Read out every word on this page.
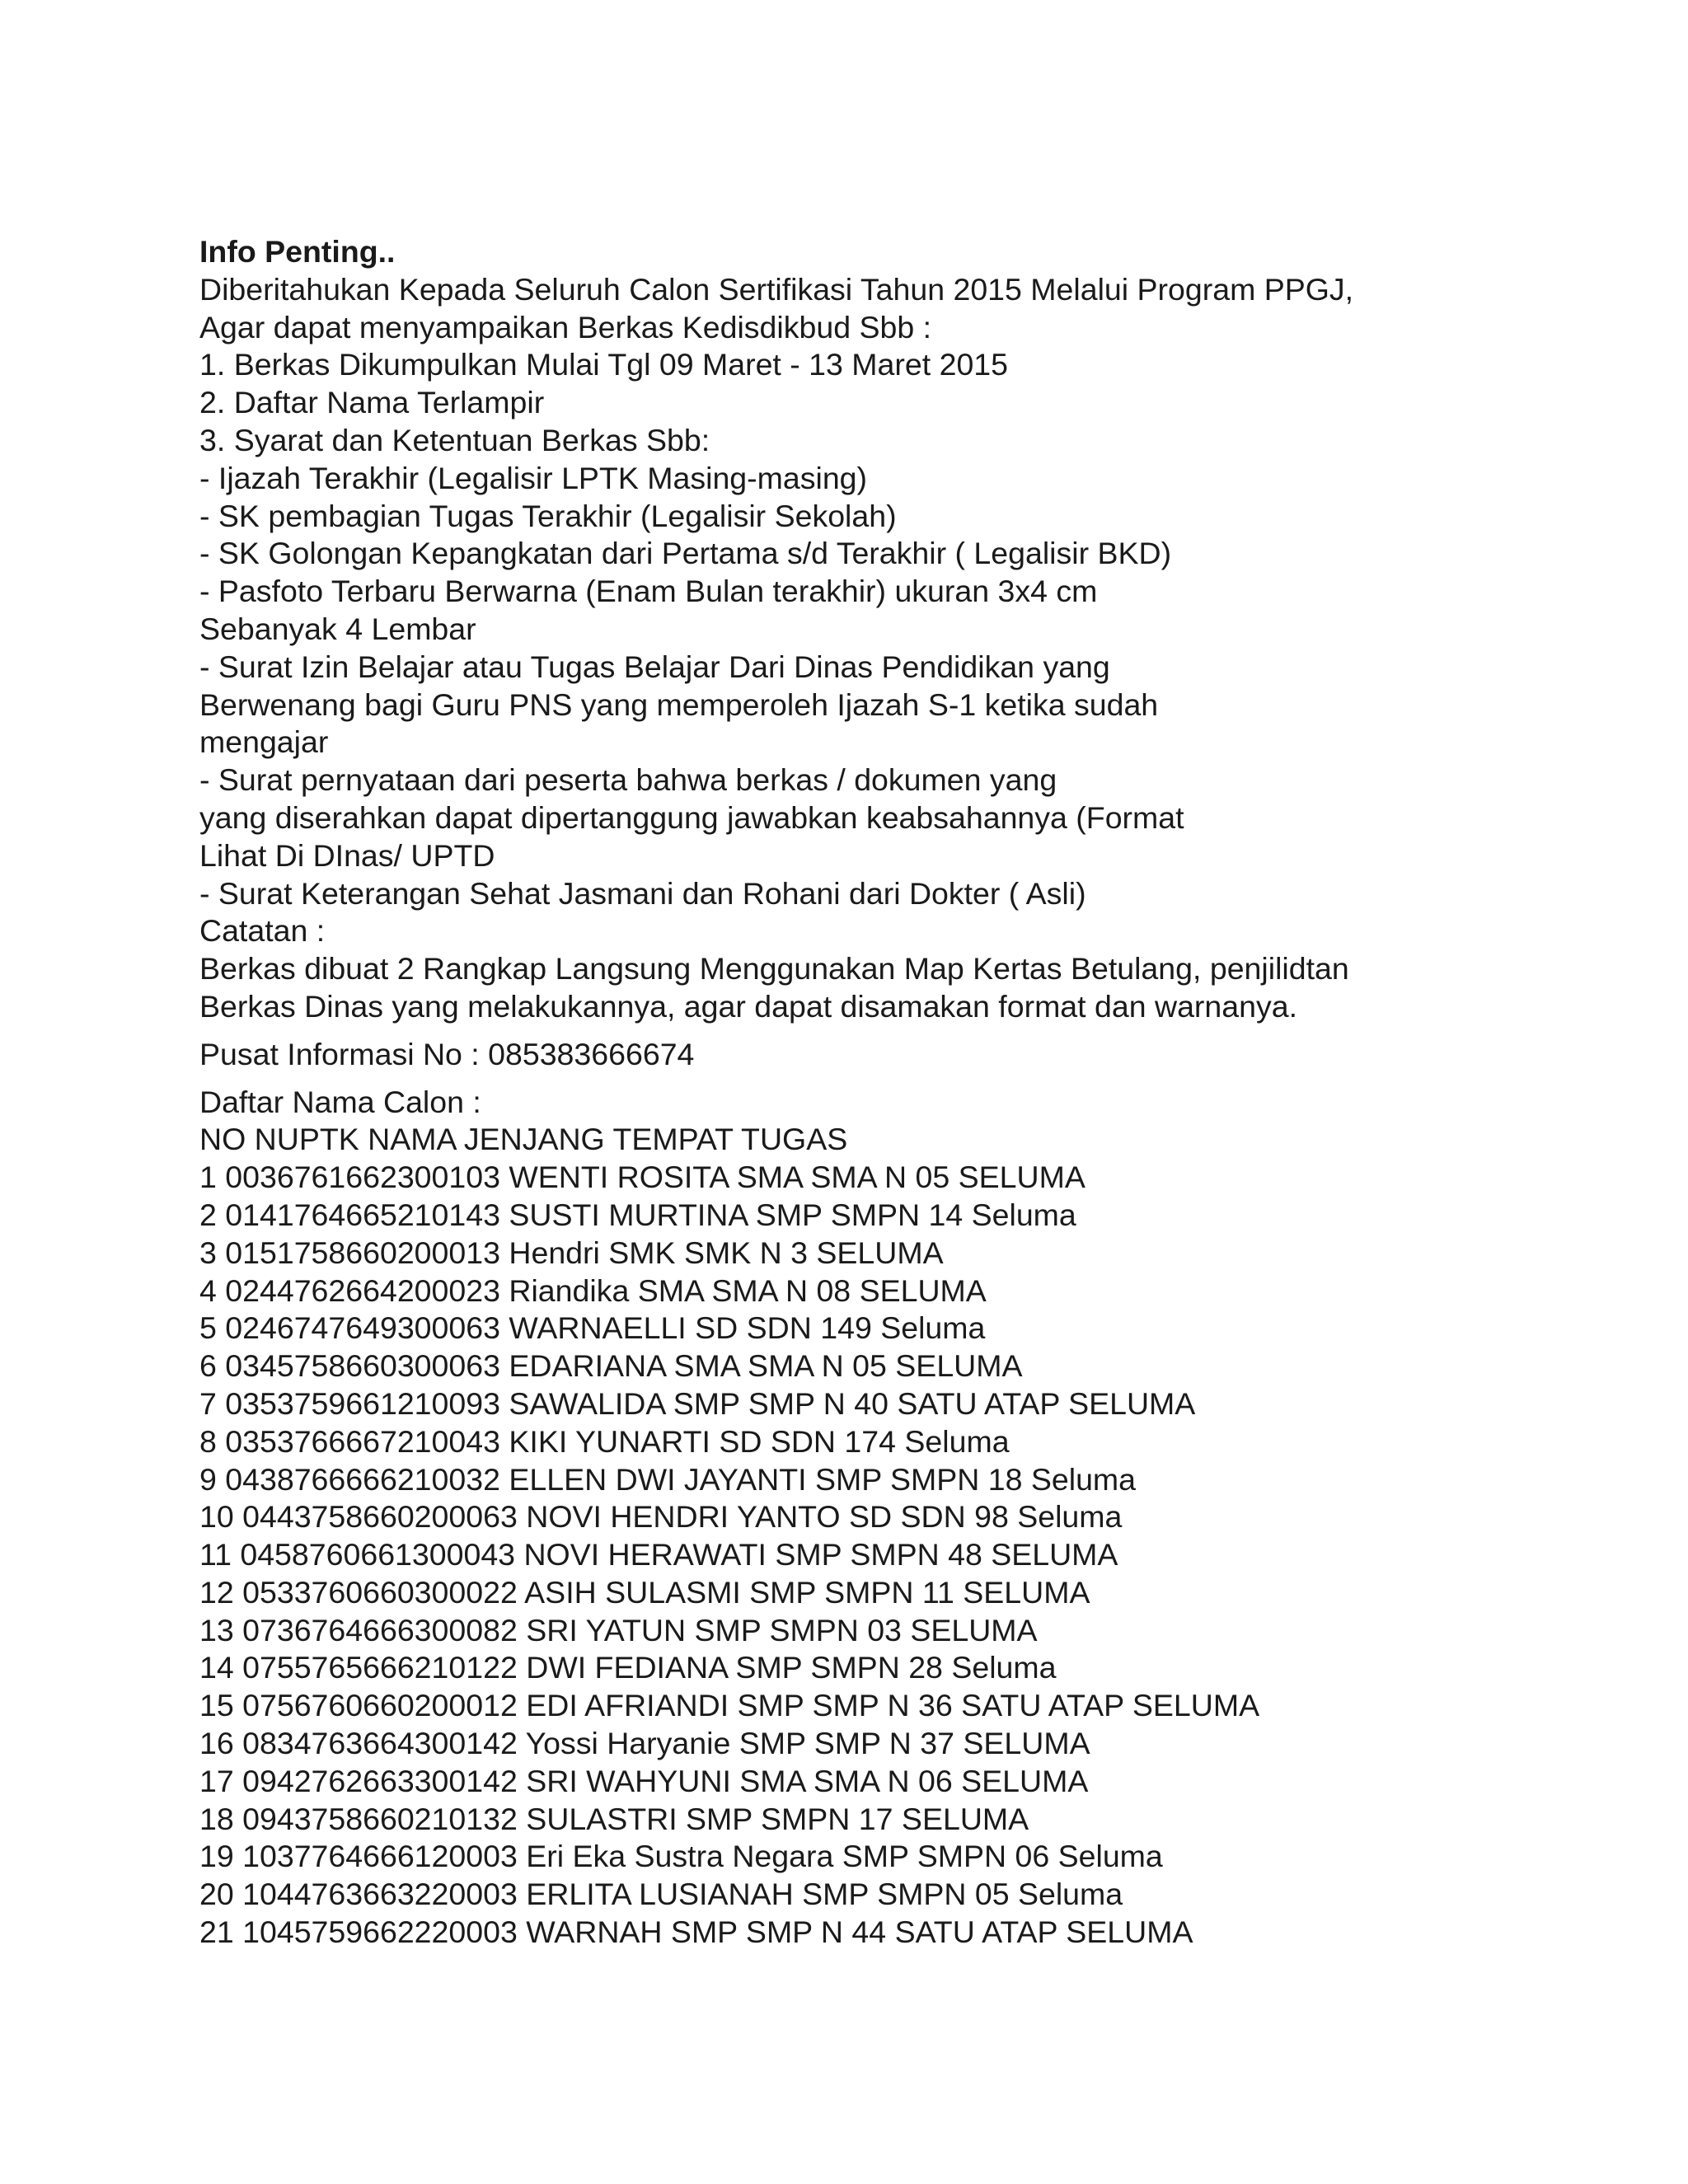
Info Penting..
Diberitahukan Kepada Seluruh Calon Sertifikasi Tahun 2015 Melalui Program PPGJ,
Agar dapat menyampaikan Berkas Kedisdikbud Sbb :
1. Berkas Dikumpulkan Mulai Tgl 09 Maret - 13 Maret 2015
2. Daftar Nama Terlampir
3. Syarat dan Ketentuan Berkas Sbb:
- Ijazah Terakhir (Legalisir LPTK Masing-masing)
- SK pembagian Tugas Terakhir (Legalisir Sekolah)
- SK Golongan Kepangkatan dari Pertama s/d Terakhir ( Legalisir BKD)
- Pasfoto Terbaru Berwarna (Enam Bulan terakhir) ukuran 3x4 cm
Sebanyak 4 Lembar
- Surat Izin Belajar atau Tugas Belajar Dari Dinas Pendidikan yang
Berwenang bagi Guru PNS yang memperoleh Ijazah S-1 ketika sudah
mengajar
- Surat pernyataan dari peserta bahwa berkas / dokumen yang
yang diserahkan dapat dipertanggung jawabkan keabsahannya (Format
Lihat Di DInas/ UPTD
- Surat Keterangan Sehat Jasmani dan Rohani dari Dokter ( Asli)
Catatan :
Berkas dibuat 2 Rangkap Langsung Menggunakan Map Kertas Betulang, penjilidtan
Berkas Dinas yang melakukannya, agar dapat disamakan format dan warnanya.
Pusat Informasi No : 085383666674
Daftar Nama Calon :
NO NUPTK NAMA JENJANG TEMPAT TUGAS
1 0036761662300103 WENTI ROSITA SMA SMA N 05 SELUMA
2 0141764665210143 SUSTI MURTINA SMP SMPN 14 Seluma
3 0151758660200013 Hendri SMK SMK N 3 SELUMA
4 0244762664200023 Riandika SMA SMA N 08 SELUMA
5 0246747649300063 WARNAELLI SD SDN 149 Seluma
6 0345758660300063 EDARIANA SMA SMA N 05 SELUMA
7 0353759661210093 SAWALIDA SMP SMP N 40 SATU ATAP SELUMA
8 0353766667210043 KIKI YUNARTI SD SDN 174 Seluma
9 0438766666210032 ELLEN DWI JAYANTI SMP SMPN 18 Seluma
10 0443758660200063 NOVI HENDRI YANTO SD SDN 98 Seluma
11 0458760661300043 NOVI HERAWATI SMP SMPN 48 SELUMA
12 0533760660300022 ASIH SULASMI SMP SMPN 11 SELUMA
13 0736764666300082 SRI YATUN SMP SMPN 03 SELUMA
14 0755765666210122 DWI FEDIANA SMP SMPN 28 Seluma
15 0756760660200012 EDI AFRIANDI SMP SMP N 36 SATU ATAP SELUMA
16 0834763664300142 Yossi Haryanie SMP SMP N 37 SELUMA
17 0942762663300142 SRI WAHYUNI SMA SMA N 06 SELUMA
18 0943758660210132 SULASTRI SMP SMPN 17 SELUMA
19 1037764666120003 Eri Eka Sustra Negara SMP SMPN 06 Seluma
20 1044763663220003 ERLITA LUSIANAH SMP SMPN 05 Seluma
21 1045759662220003 WARNAH SMP SMP N 44 SATU ATAP SELUMA
